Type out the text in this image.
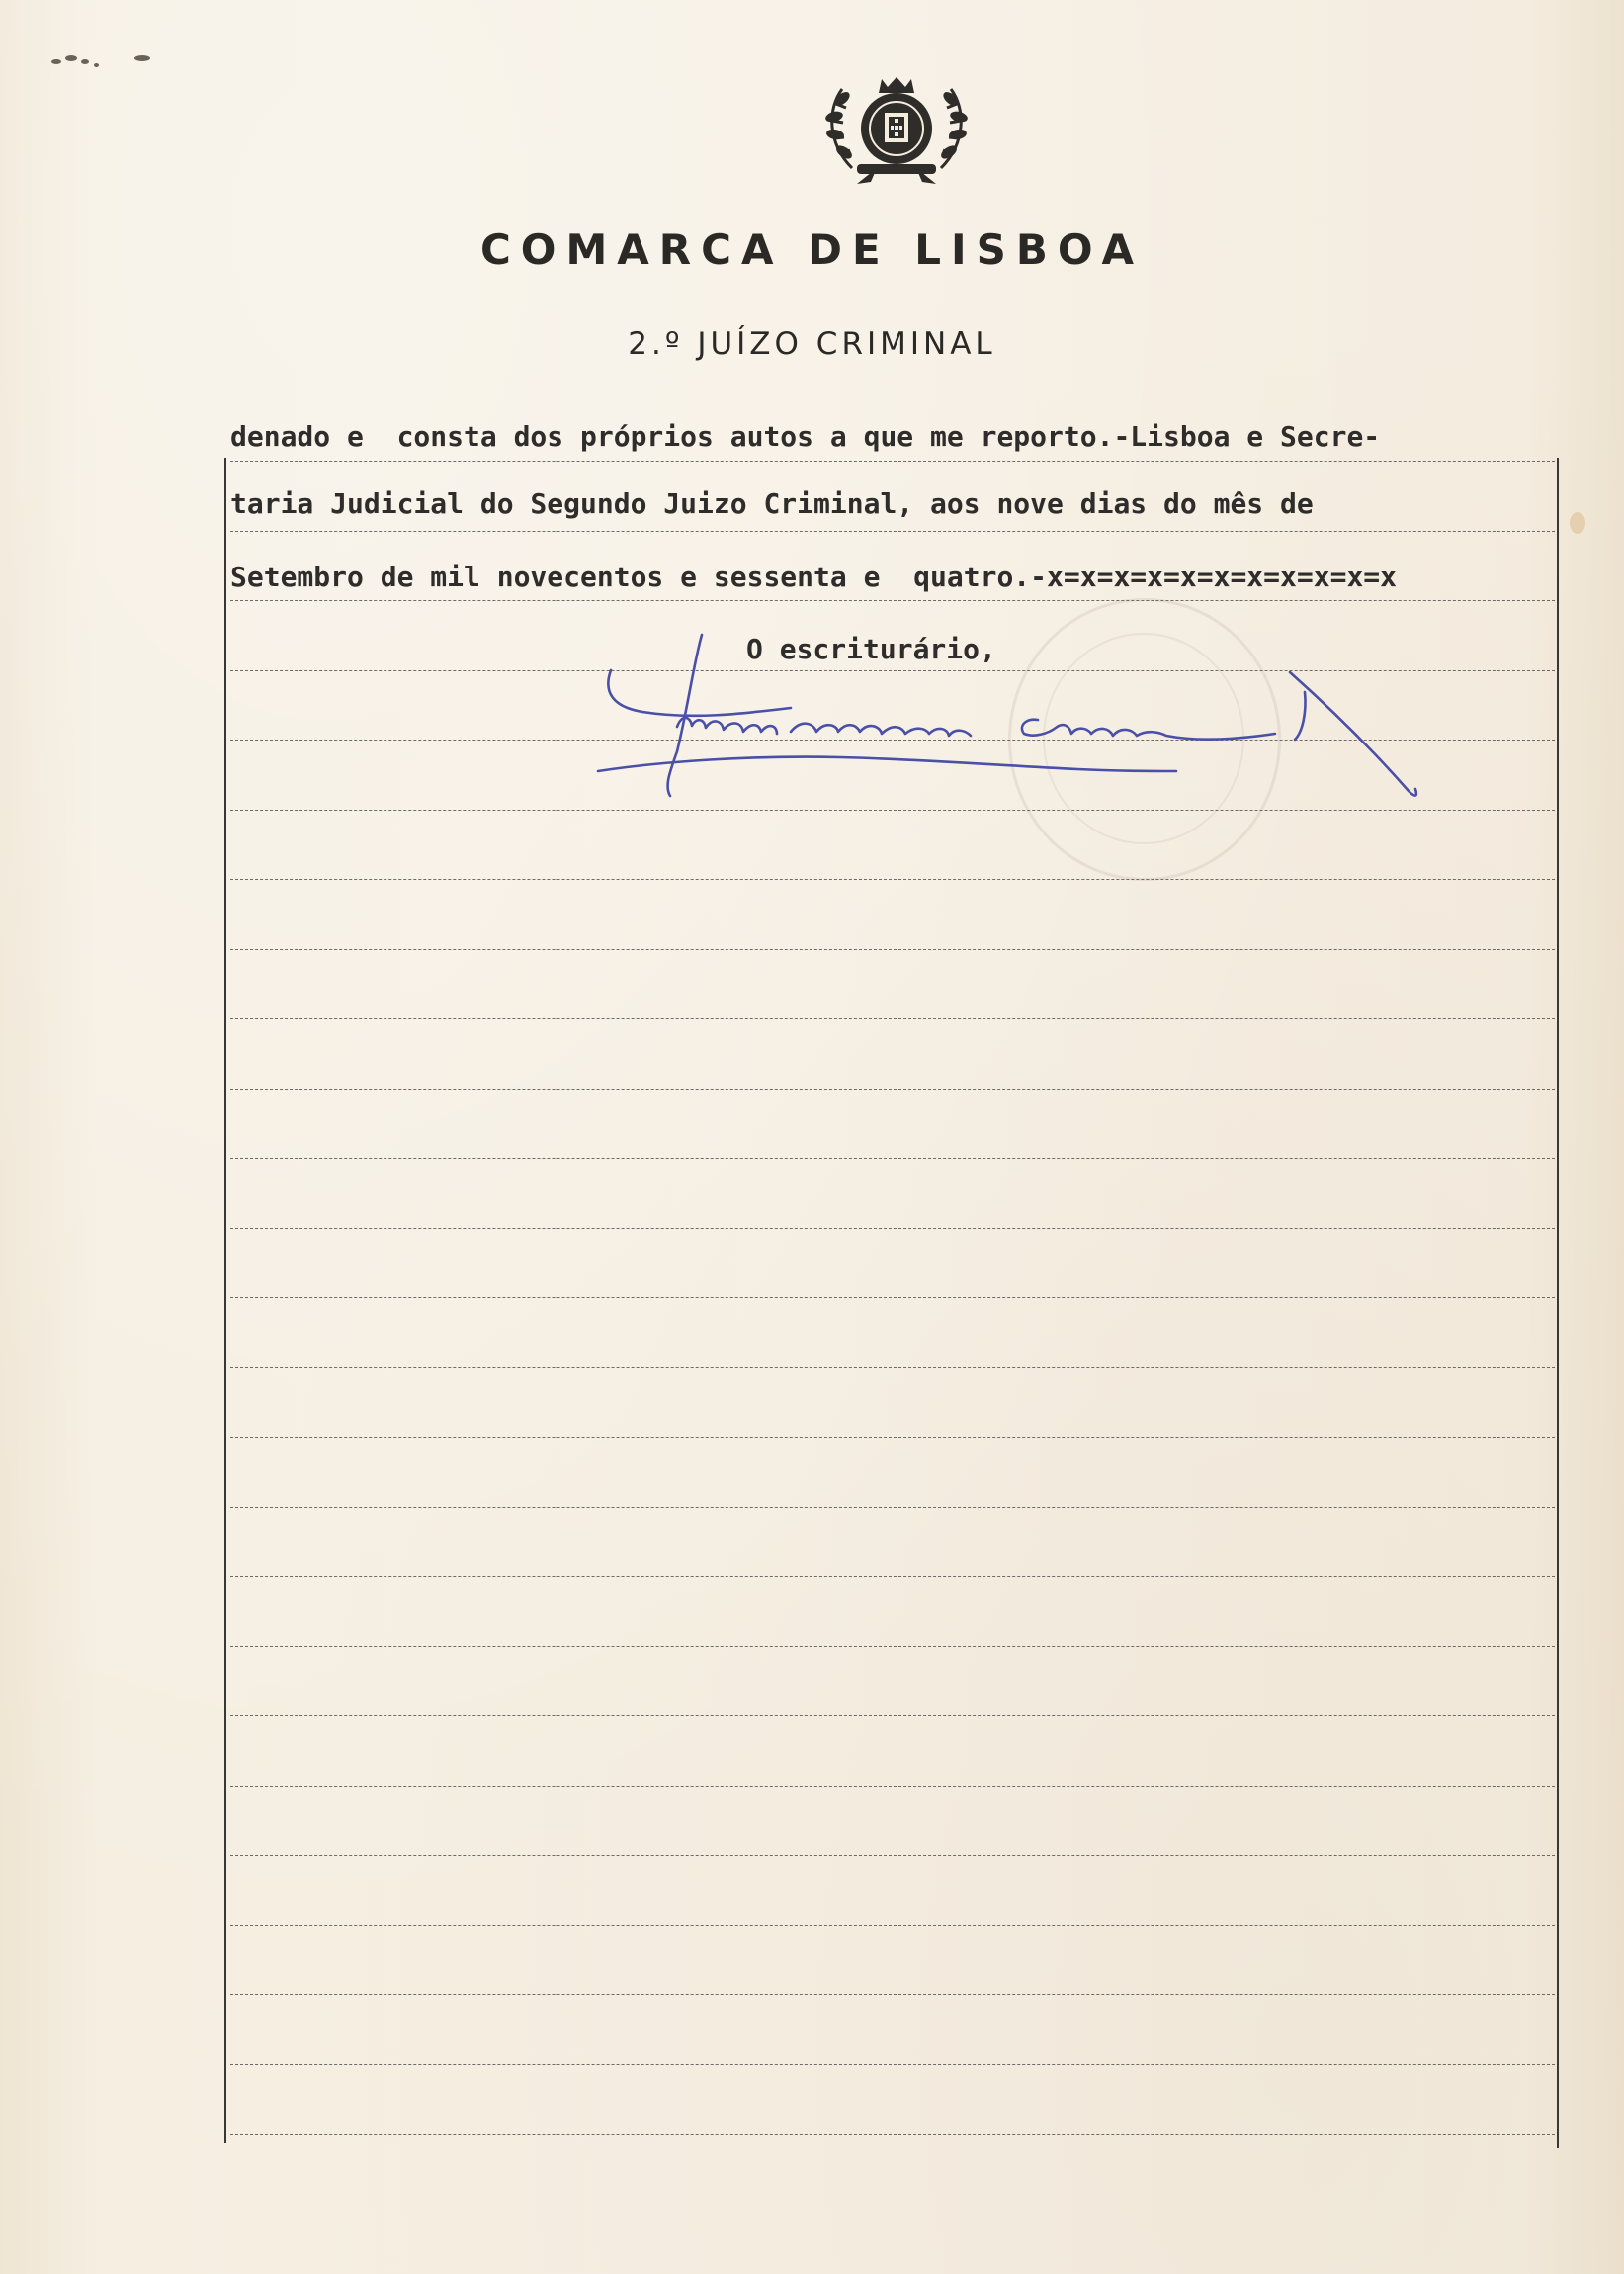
COMARCA DE LISBOA
2.º JUÍZO CRIMINAL
denado e  consta dos próprios autos a que me reporto.-Lisboa e Secre-
taria Judicial do Segundo Juizo Criminal, aos nove dias do mês de
Setembro de mil novecentos e sessenta e  quatro.-x=x=x=x=x=x=x=x=x=x=x
O escriturário,
